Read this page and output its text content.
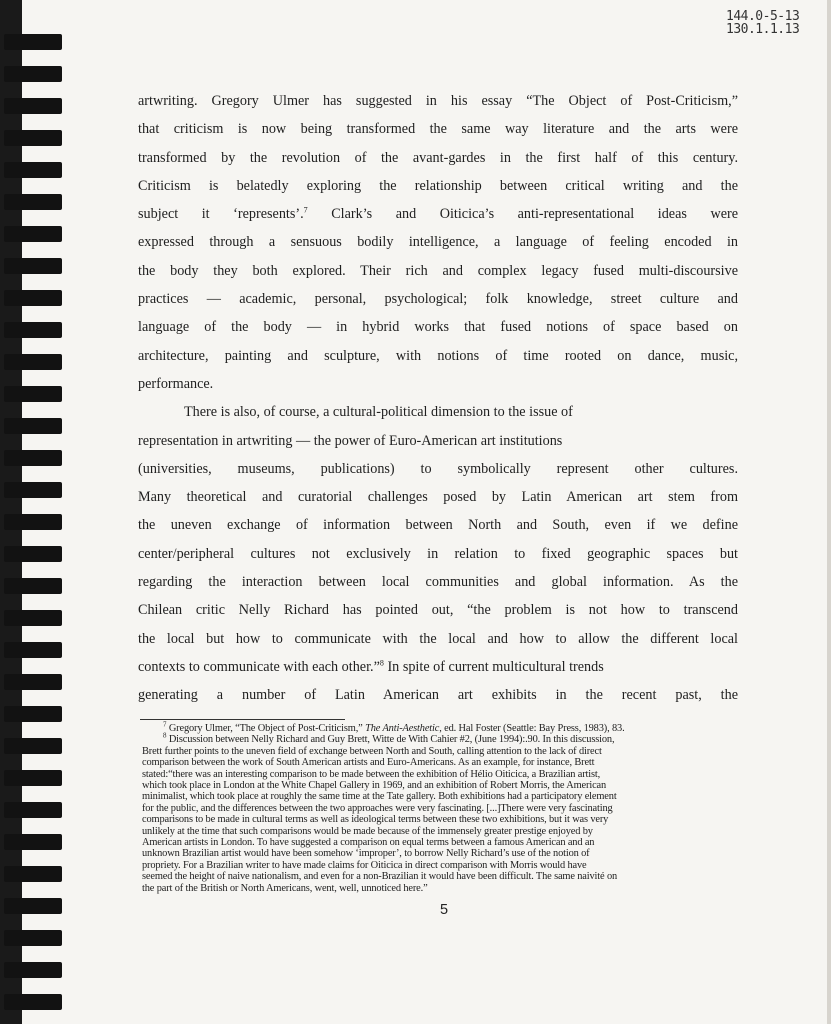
144.0-5-13
130.1.1.13
artwriting. Gregory Ulmer has suggested in his essay “The Object of Post-Criticism,”
that criticism is now being transformed the same way literature and the arts were
transformed by the revolution of the avant-gardes in the first half of this century.
Criticism is belatedly exploring the relationship between critical writing and the
subject it ‘represents’.$^7$ Clark’s and Oiticica’s anti-representational ideas were
expressed through a sensuous bodily intelligence, a language of feeling encoded in
the body they both explored. Their rich and complex legacy fused multi-discoursive
practices — academic, personal, psychological; folk knowledge, street culture and
language of the body — in hybrid works that fused notions of space based on
architecture, painting and sculpture, with notions of time rooted on dance, music,
performance.
There is also, of course, a cultural-political dimension to the issue of
representation in artwriting — the power of Euro-American art institutions
(universities, museums, publications) to symbolically represent other cultures.
Many theoretical and curatorial challenges posed by Latin American art stem from
the uneven exchange of information between North and South, even if we define
center/peripheral cultures not exclusively in relation to fixed geographic spaces but
regarding the interaction between local communities and global information. As the
Chilean critic Nelly Richard has pointed out, “the problem is not how to transcend
the local but how to communicate with the local and how to allow the different local
contexts to communicate with each other.”$^8$ In spite of current multicultural trends
generating a number of Latin American art exhibits in the recent past, the
$^7$ Gregory Ulmer, “The Object of Post-Criticism,” The Anti-Aesthetic, ed. Hal Foster (Seattle: Bay Press, 1983), 83.
$^8$ Discussion between Nelly Richard and Guy Brett, Witte de With Cahier #2, (June 1994):.90. In this discussion,
Brett further points to the uneven field of exchange between North and South, calling attention to the lack of direct
comparison between the work of South American artists and Euro-Americans. As an example, for instance, Brett
stated:“there was an interesting comparison to be made between the exhibition of Hélio Oiticica, a Brazilian artist,
which took place in London at the White Chapel Gallery in 1969, and an exhibition of Robert Morris, the American
minimalist, which took place at roughly the same time at the Tate gallery. Both exhibitions had a participatory element
for the public, and the differences between the two approaches were very fascinating. [...]There were very fascinating
comparisons to be made in cultural terms as well as ideological terms between these two exhibitions, but it was very
unlikely at the time that such comparisons would be made because of the immensely greater prestige enjoyed by
American artists in London. To have suggested a comparison on equal terms between a famous American and an
unknown Brazilian artist would have been somehow ‘improper’, to borrow Nelly Richard’s use of the notion of
propriety. For a Brazilian writer to have made claims for Oiticica in direct comparison with Morris would have
seemed the height of naive nationalism, and even for a non-Brazilian it would have been difficult. The same naivité on
the part of the British or North Americans, went, well, unnoticed here.”
5
